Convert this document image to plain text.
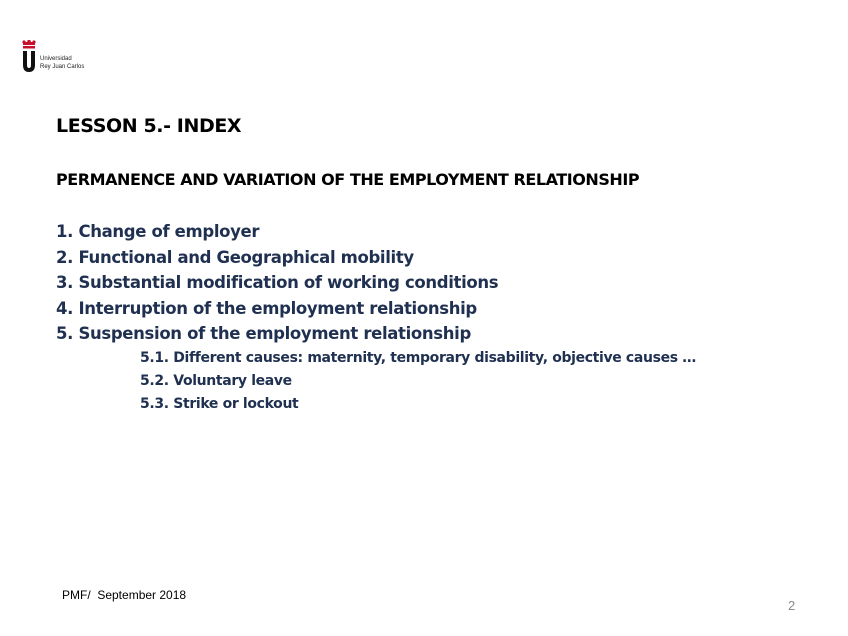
Universidad
Rey Juan Carlos
LESSON 5.- INDEX
PERMANENCE AND VARIATION OF THE EMPLOYMENT RELATIONSHIP
1. Change of employer
2. Functional and Geographical mobility
3. Substantial modification of working conditions
4. Interruption of the employment relationship
5. Suspension of the employment relationship
5.1. Different causes: maternity, temporary disability, objective causes …
5.2. Voluntary leave
5.3. Strike or lockout
PMF/  September 2018
2
